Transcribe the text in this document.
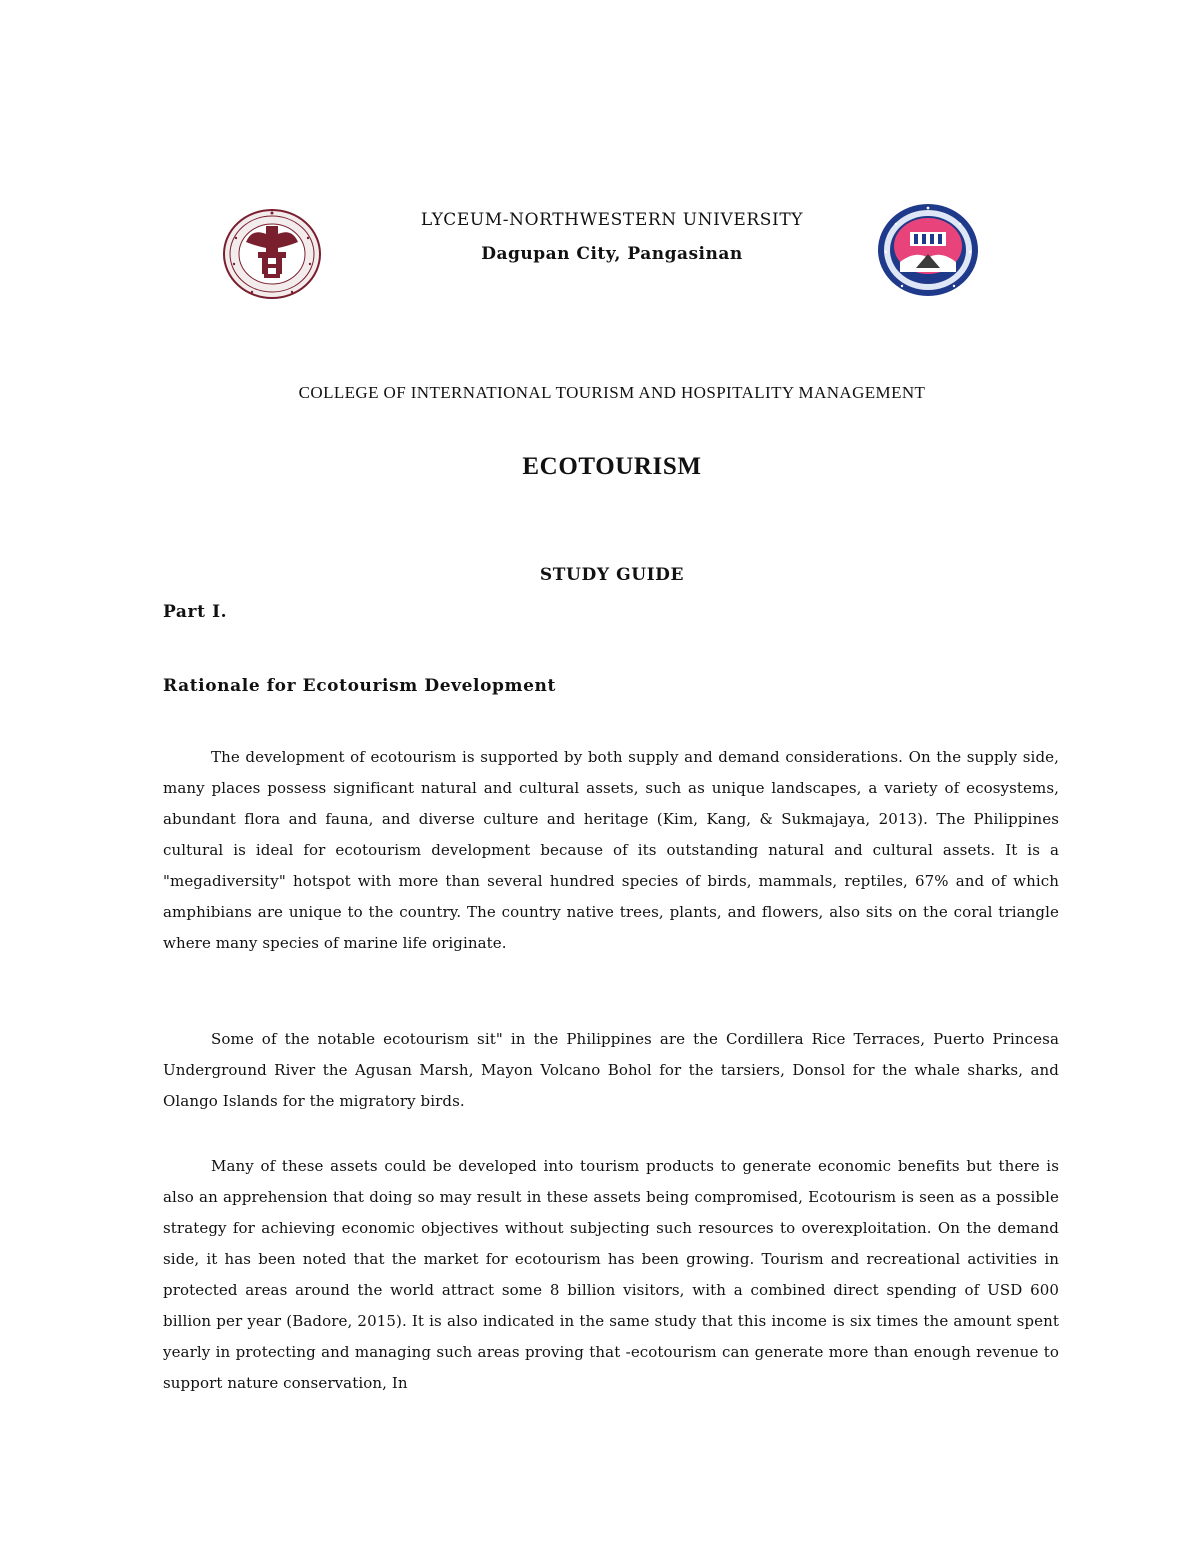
LYCEUM-NORTHWESTERN UNIVERSITY
Dagupan City, Pangasinan
COLLEGE OF INTERNATIONAL TOURISM AND HOSPITALITY MANAGEMENT
ECOTOURISM
STUDY GUIDE
Part I.
Rationale for Ecotourism Development

The development of ecotourism is supported by both supply and demand considerations. On the supply side, many places possess significant natural and cultural assets, such as unique landscapes, a variety of ecosystems, abundant flora and fauna, and diverse culture and heritage (Kim, Kang, & Sukmajaya, 2013). The Philippines cultural is ideal for ecotourism development because of its outstanding natural and cultural assets. It is a "megadiversity" hotspot with more than several hundred species of birds, mammals, reptiles, 67% and of which amphibians are unique to the country. The country native trees, plants, and flowers, also sits on the coral triangle where many species of marine life originate.

Some of the notable ecotourism sit" in the Philippines are the Cordillera Rice Terraces, Puerto Princesa Underground River the Agusan Marsh, Mayon Volcano Bohol for the tarsiers, Donsol for the whale sharks, and Olango Islands for the migratory birds.

Many of these assets could be developed into tourism products to generate economic benefits but there is also an apprehension that doing so may result in these assets being compromised, Ecotourism is seen as a possible strategy for achieving economic objectives without subjecting such resources to overexploitation. On the demand side, it has been noted that the market for ecotourism has been growing. Tourism and recreational activities in protected areas around the world attract some 8 billion visitors, with a combined direct spending of USD 600 billion per year (Badore, 2015). It is also indicated in the same study that this income is six times the amount spent yearly in protecting and managing such areas proving that -ecotourism can generate more than enough revenue to support nature conservation, In
